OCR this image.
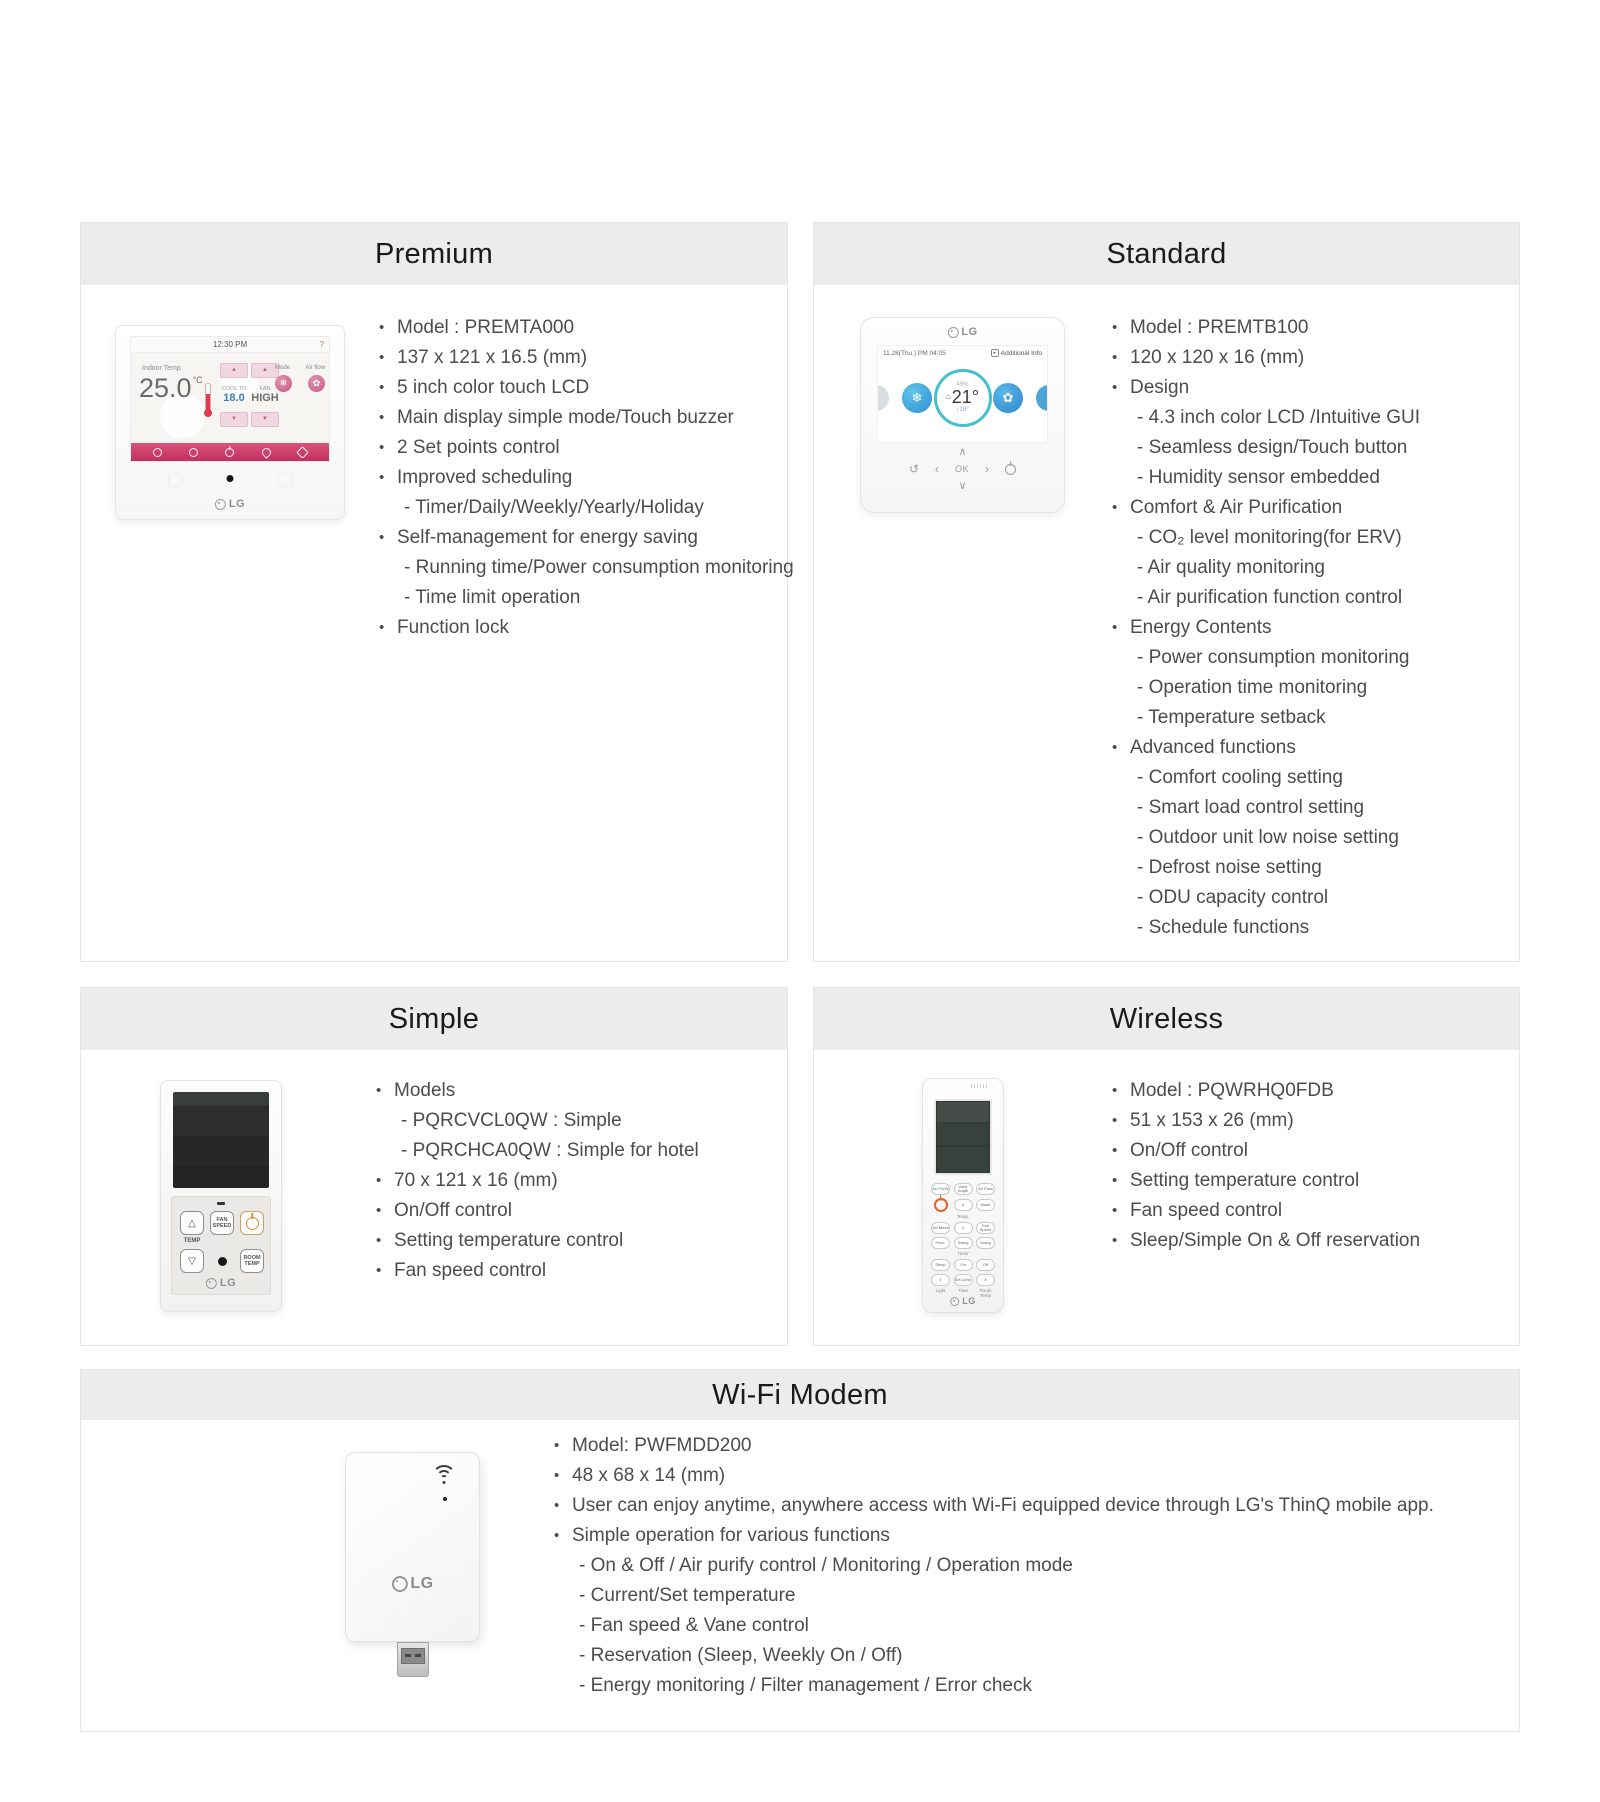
Premium
• Model : PREMTA000
• 137 x 121 x 16.5 (mm)
• 5 inch color touch LCD
• Main display simple mode/Touch buzzer
• 2 Set points control
• Improved scheduling
- Timer/Daily/Weekly/Yearly/Holiday
• Self-management for energy saving
- Running time/Power consumption monitoring
- Time limit operation
• Function lock
Standard
• Model : PREMTB100
• 120 x 120 x 16 (mm)
• Design
- 4.3 inch color LCD /Intuitive GUI
- Seamless design/Touch button
- Humidity sensor embedded
• Comfort & Air Purification
- CO₂ level monitoring(for ERV)
- Air quality monitoring
- Air purification function control
• Energy Contents
- Power consumption monitoring
- Operation time monitoring
- Temperature setback
• Advanced functions
- Comfort cooling setting
- Smart load control setting
- Outdoor unit low noise setting
- Defrost noise setting
- ODU capacity control
- Schedule functions
Simple
• Models
- PQRCVCL0QW : Simple
- PQRCHCA0QW : Simple for hotel
• 70 x 121 x 16 (mm)
• On/Off control
• Setting temperature control
• Fan speed control
Wireless
• Model : PQWRHQ0FDB
• 51 x 153 x 26 (mm)
• On/Off control
• Setting temperature control
• Fan speed control
• Sleep/Simple On & Off reservation
Wi-Fi Modem
• Model: PWFMDD200
• 48 x 68 x 14 (mm)
• User can enjoy anytime, anywhere access with Wi-Fi equipped device through LG's ThinQ mobile app.
• Simple operation for various functions
- On & Off / Air purify control / Monitoring / Operation mode
- Current/Set temperature
- Fan speed & Vane control
- Reservation (Sleep, Weekly On / Off)
- Energy monitoring / Filter management / Error check
12:30 PM	?
Indoor Temp
$25.0^{^\circ C}$
▲
COOL TO
18.0
▼
▲
FAN
HIGH
▼
Mode	Air flow
❄	✿
LG
LG
11.28(Thu.) PM 04:05	▸ Additional Info
❄
49%
⌂21°
↓18°
✿
∧
↺ ‹ OK ›
∨
△	FAN SPEED
TEMP
▽	ROOM TEMP
LG
Air Purify	Vane Angle	Air Flow
∧	Mode
Temp.
Jet Mode	∨	Fan Speed
Func.	Swing	Swing
Timer
Sleep	On	Off
∨	Set Clear	∧
Light	Time	Room Temp
LG
LG
